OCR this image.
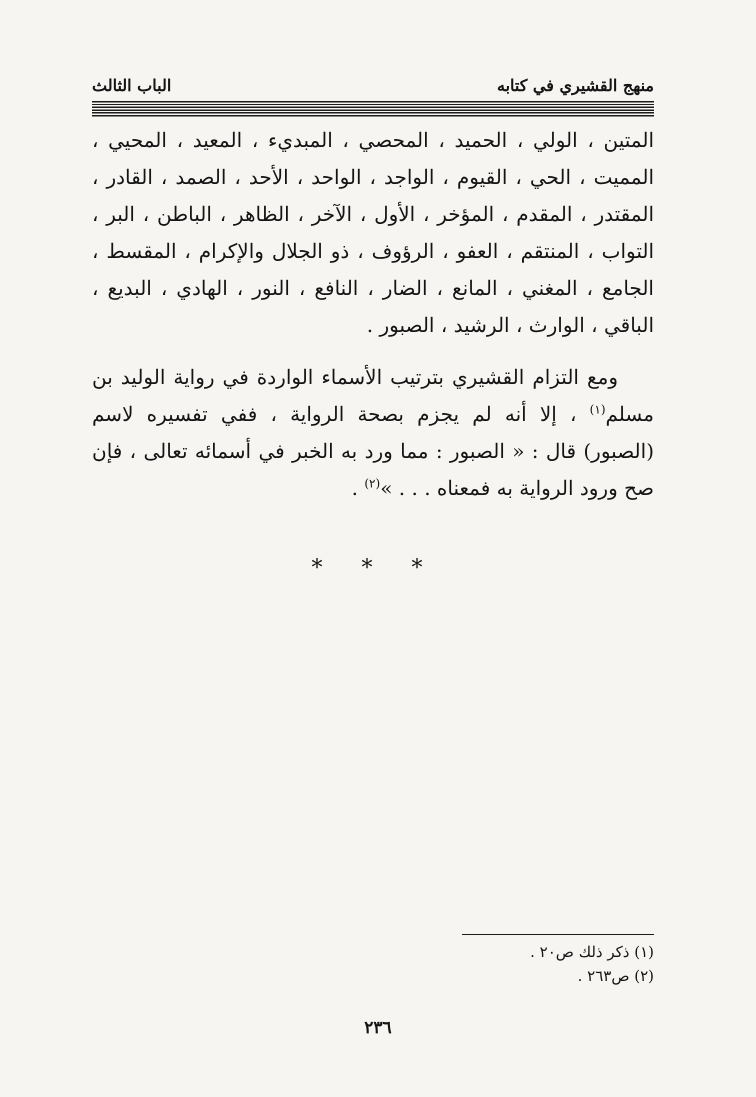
منهج القشيري في كتابه
الباب الثالث

المتين ، الولي ، الحميد ، المحصي ، المبديء ، المعيد ، المحيي ، المميت ، الحي ، القيوم ، الواجد ، الواحد ، الأحد ، الصمد ، القادر ، المقتدر ، المقدم ، المؤخر ، الأول ، الآخر ، الظاهر ، الباطن ، البر ، التواب ، المنتقم ، العفو ، الرؤوف ، ذو الجلال والإكرام ، المقسط ، الجامع ، المغني ، المانع ، الضار ، النافع ، النور ، الهادي ، البديع ، الباقي ، الوارث ، الرشيد ، الصبور .

ومع التزام القشيري بترتيب الأسماء الواردة في رواية الوليد بن مسلم$^{(١)}$ ، إلا أنه لم يجزم بصحة الرواية ، ففي تفسيره لاسم (الصبور) قال : « الصبور : مما ورد به الخبر في أسمائه تعالى ، فإن صح ورود الرواية به فمعناه . . . »$^{(٢)}$ .

* * *
(١) ذكر ذلك ص٢٠ .
(٢) ص٢٦٣ .
٢٣٦
